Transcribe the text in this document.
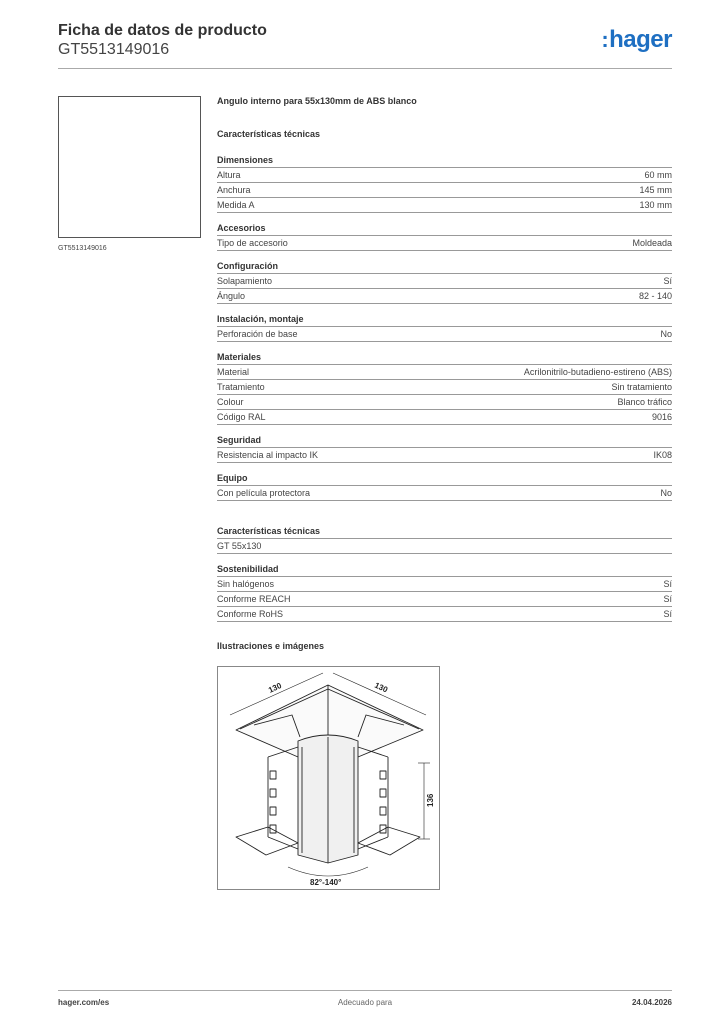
Ficha de datos de producto
GT5513149016	:hager
GT5513149016
Angulo interno para 55x130mm de ABS blanco
Características técnicas
Dimensiones
Altura	60 mm
Anchura	145 mm
Medida A	130 mm
Accesorios
Tipo de accesorio	Moldeada
Configuración
Solapamiento	Sí
Ángulo	82 - 140
Instalación, montaje
Perforación de base	No
Materiales
Material	Acrilonitrilo-butadieno-estireno (ABS)
Tratamiento	Sin tratamiento
Colour	Blanco tráfico
Código RAL	9016
Seguridad
Resistencia al impacto IK	IK08
Equipo
Con película protectora	No
Características técnicas
GT 55x130
Sostenibilidad
Sin halógenos	Sí
Conforme REACH	Sí
Conforme RoHS	Sí
Ilustraciones e imágenes
130	130
136
82°-140°
hager.com/es	Adecuado para	24.04.2026
